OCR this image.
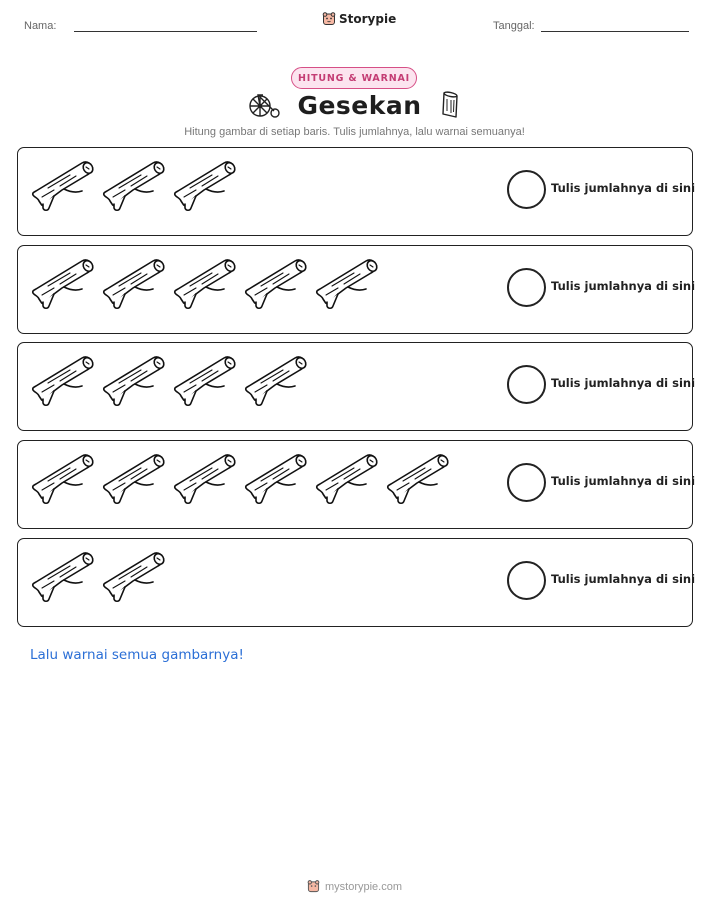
Nama:	Storypie	Tanggal:
HITUNG & WARNAI
Gesekan
Hitung gambar di setiap baris. Tulis jumlahnya, lalu warnai semuanya!
Tulis jumlahnya di sini
Tulis jumlahnya di sini
Tulis jumlahnya di sini
Tulis jumlahnya di sini
Tulis jumlahnya di sini
Lalu warnai semua gambarnya!
mystorypie.com
